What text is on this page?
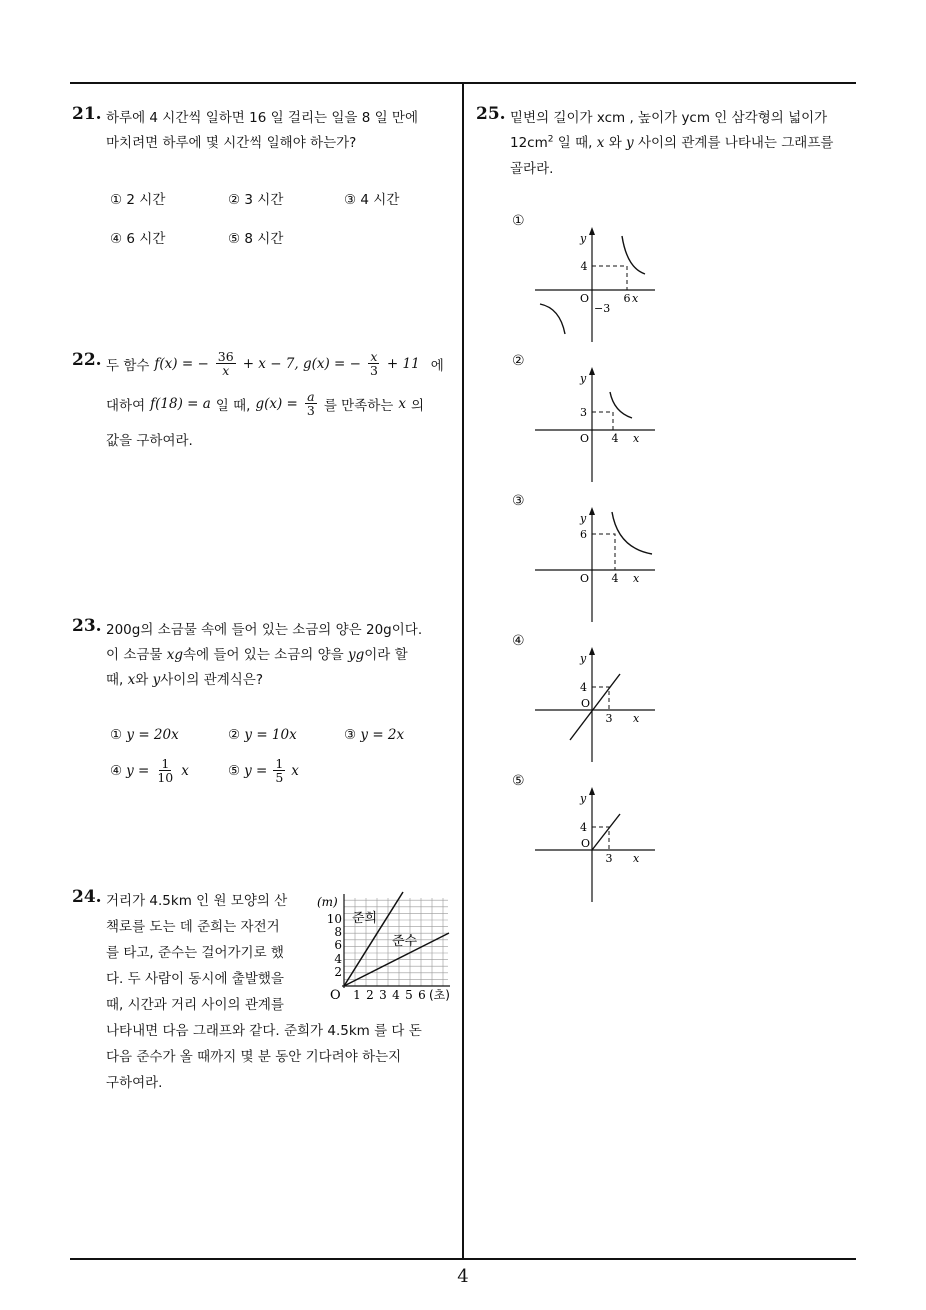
21. 하루에 4 시간씩 일하면 16 일 걸리는 일을 8 일 만에
마치려면 하루에 몇 시간씩 일해야 하는가?
① 2 시간	② 3 시간	③ 4 시간
④ 6 시간	⑤ 8 시간
22. 두 함수 f(x) = − $\frac{36}{x} + x - 7$, g(x) = − $\frac{x}{3} + 11$ 에
대하여 f(18) = a 일 때, $g(x) = \frac{a}{3}$ 를 만족하는 x 의
값을 구하여라.
23. 200g의 소금물 속에 들어 있는 소금의 양은 20g이다.
이 소금물 xg속에 들어 있는 소금의 양을 yg이라 할
때, x와 y사이의 관계식은?
① y = 20x	② y = 10x	③ y = 2x
④ $y = \frac{1}{10}$ x	⑤ $y = \frac{1}{5}$ x
24. 거리가 4.5km 인 원 모양의 산
책로를 도는 데 준희는 자전거
를 타고, 준수는 걸어가기로 했
다. 두 사람이 동시에 출발했을
때, 시간과 거리 사이의 관계를
나타내면 다음 그래프와 같다. 준희가 4.5km 를 다 돈
다음 준수가 올 때까지 몇 분 동안 기다려야 하는지
구하여라.
(m)
10
8
6
4
2
O 1 2 3 4 5 6 (초)
준희
준수
25. 밑변의 길이가 xcm , 높이가 ycm 인 삼각형의 넓이가
$12cm^2$ 일 때, x 와 y 사이의 관계를 나타내는 그래프를
골라라.
①
y
4
O	6 x
−3
②
y
3
O 4 x
③
y
6
O 4 x
④
y
4
O
3 x
⑤
y
4
O
3 x
4
